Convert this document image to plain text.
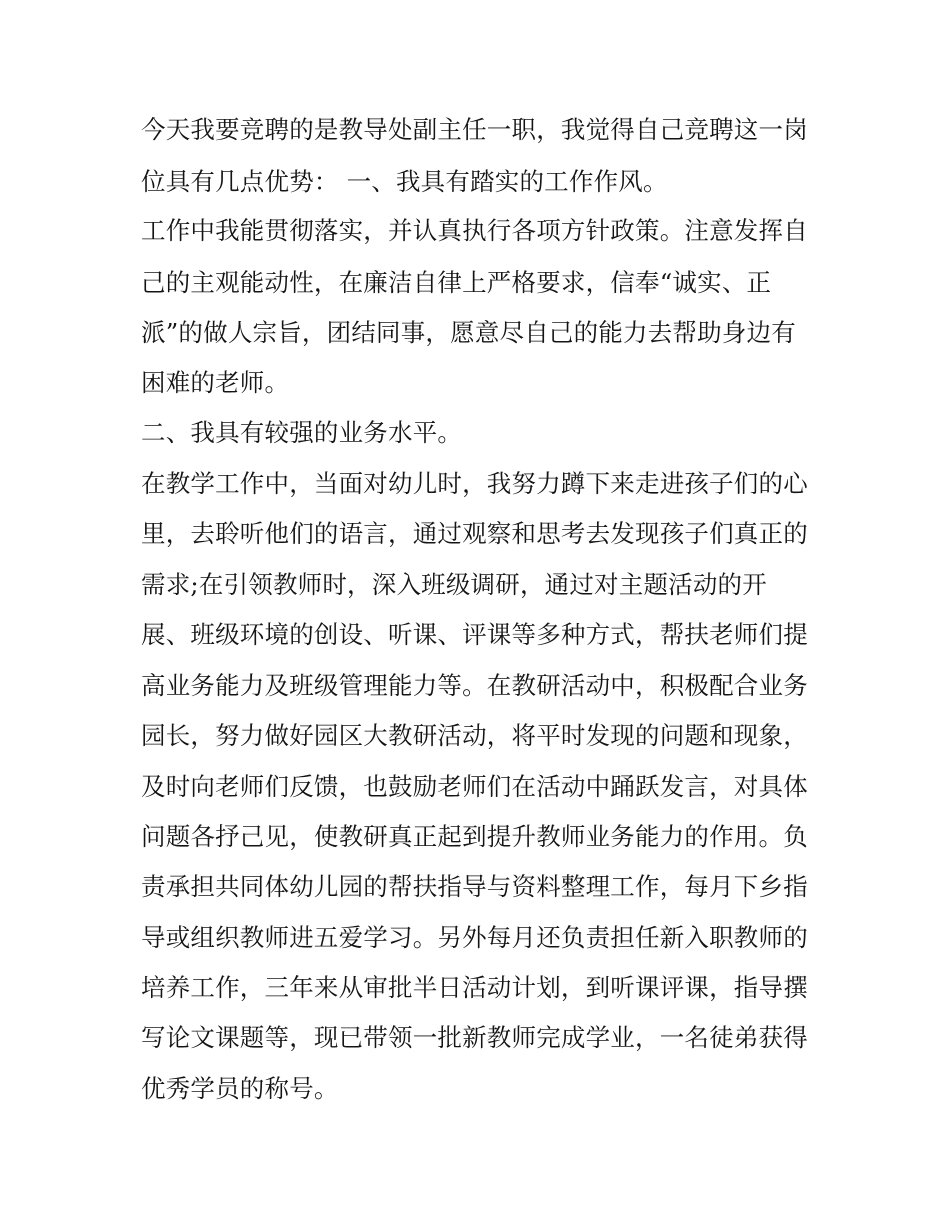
今天我要竞聘的是教导处副主任一职，我觉得自己竞聘这一岗

位具有几点优势： 一、我具有踏实的工作作风。

工作中我能贯彻落实，并认真执行各项方针政策。注意发挥自

己的主观能动性，在廉洁自律上严格要求，信奉“诚实、正

派”的做人宗旨，团结同事，愿意尽自己的能力去帮助身边有

困难的老师。

二、我具有较强的业务水平。

在教学工作中，当面对幼儿时，我努力蹲下来走进孩子们的心

里，去聆听他们的语言，通过观察和思考去发现孩子们真正的

需求;在引领教师时，深入班级调研，通过对主题活动的开

展、班级环境的创设、听课、评课等多种方式，帮扶老师们提

高业务能力及班级管理能力等。在教研活动中，积极配合业务

园长，努力做好园区大教研活动，将平时发现的问题和现象，

及时向老师们反馈，也鼓励老师们在活动中踊跃发言，对具体

问题各抒己见，使教研真正起到提升教师业务能力的作用。负

责承担共同体幼儿园的帮扶指导与资料整理工作，每月下乡指

导或组织教师进五爱学习。另外每月还负责担任新入职教师的

培养工作，三年来从审批半日活动计划，到听课评课，指导撰

写论文课题等，现已带领一批新教师完成学业，一名徒弟获得

优秀学员的称号。
